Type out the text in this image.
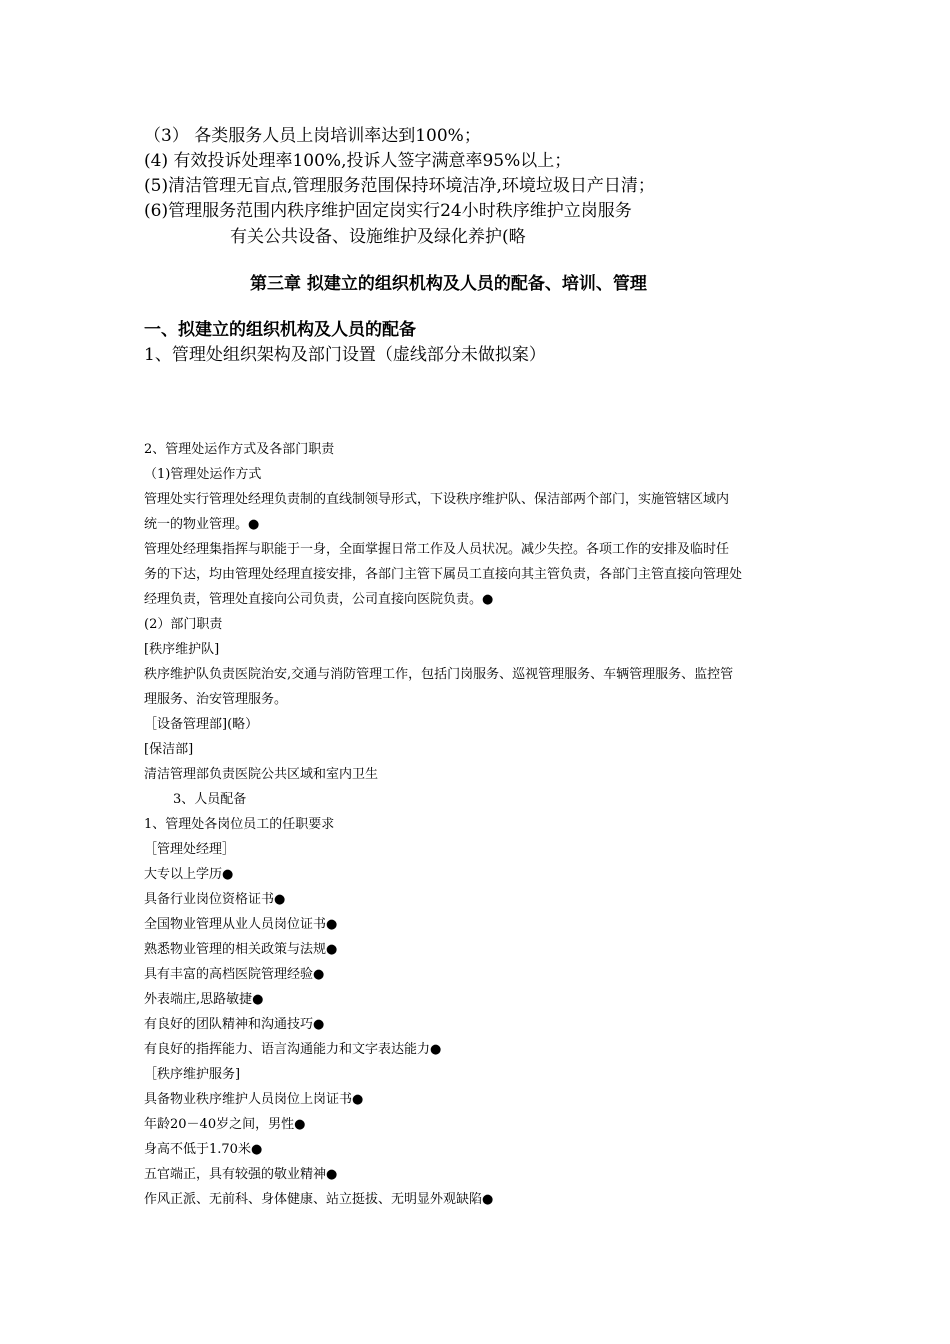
（3） 各类服务人员上岗培训率达到100%；
(4) 有效投诉处理率100%,投诉人签字满意率95%以上；
(5)清洁管理无盲点,管理服务范围保持环境洁净,环境垃圾日产日清；
(6)管理服务范围内秩序维护固定岗实行24小时秩序维护立岗服务
有关公共设备、设施维护及绿化养护(略
第三章 拟建立的组织机构及人员的配备、培训、管理
一、拟建立的组织机构及人员的配备
1、管理处组织架构及部门设置（虚线部分未做拟案）
2、管理处运作方式及各部门职责
（1)管理处运作方式
管理处实行管理处经理负责制的直线制领导形式，下设秩序维护队、保洁部两个部门，实施管辖区域内
统一的物业管理。●
管理处经理集指挥与职能于一身，全面掌握日常工作及人员状况。减少失控。各项工作的安排及临时任
务的下达，均由管理处经理直接安排，各部门主管下属员工直接向其主管负责，各部门主管直接向管理处
经理负责，管理处直接向公司负责，公司直接向医院负责。●
(2）部门职责
[秩序维护队]
秩序维护队负责医院治安,交通与消防管理工作，包括门岗服务、巡视管理服务、车辆管理服务、监控管
理服务、治安管理服务。
［设备管理部](略）
[保洁部]
清洁管理部负责医院公共区域和室内卫生
3、人员配备
1、管理处各岗位员工的任职要求
［管理处经理］
大专以上学历●
具备行业岗位资格证书●
全国物业管理从业人员岗位证书●
熟悉物业管理的相关政策与法规●
具有丰富的高档医院管理经验●
外表端庄,思路敏捷●
有良好的团队精神和沟通技巧●
有良好的指挥能力、语言沟通能力和文字表达能力●
［秩序维护服务]
具备物业秩序维护人员岗位上岗证书●
年龄20－40岁之间，男性●
身高不低于1.70米●
五官端正，具有较强的敬业精神●
作风正派、无前科、身体健康、站立挺拔、无明显外观缺陷●
